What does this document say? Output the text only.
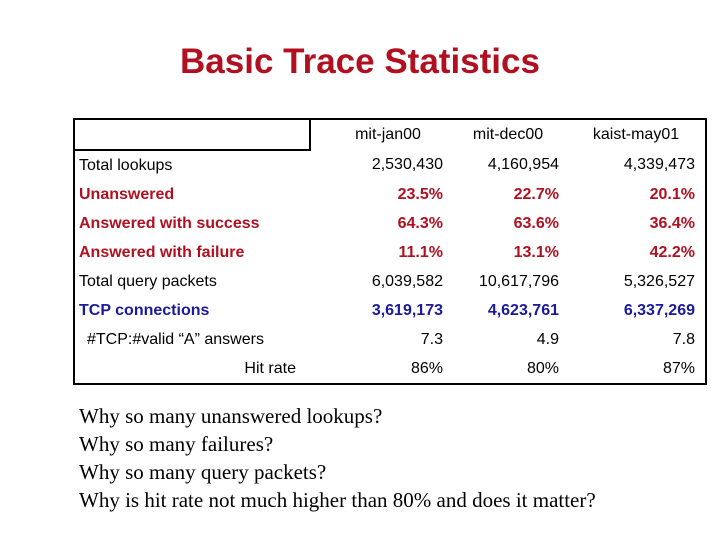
Basic Trace Statistics
	mit-jan00	mit-dec00	kaist-may01
Total lookups	2,530,430	4,160,954	4,339,473
Unanswered	23.5%	22.7%	20.1%
Answered with success	64.3%	63.6%	36.4%
Answered with failure	11.1%	13.1%	42.2%
Total query packets	6,039,582	10,617,796	5,326,527
TCP connections	3,619,173	4,623,761	6,337,269
#TCP:#valid “A” answers	7.3	4.9	7.8
Hit rate	86%	80%	87%
Why so many unanswered lookups?
Why so many failures?
Why so many query packets?
Why is hit rate not much higher than 80% and does it matter?
